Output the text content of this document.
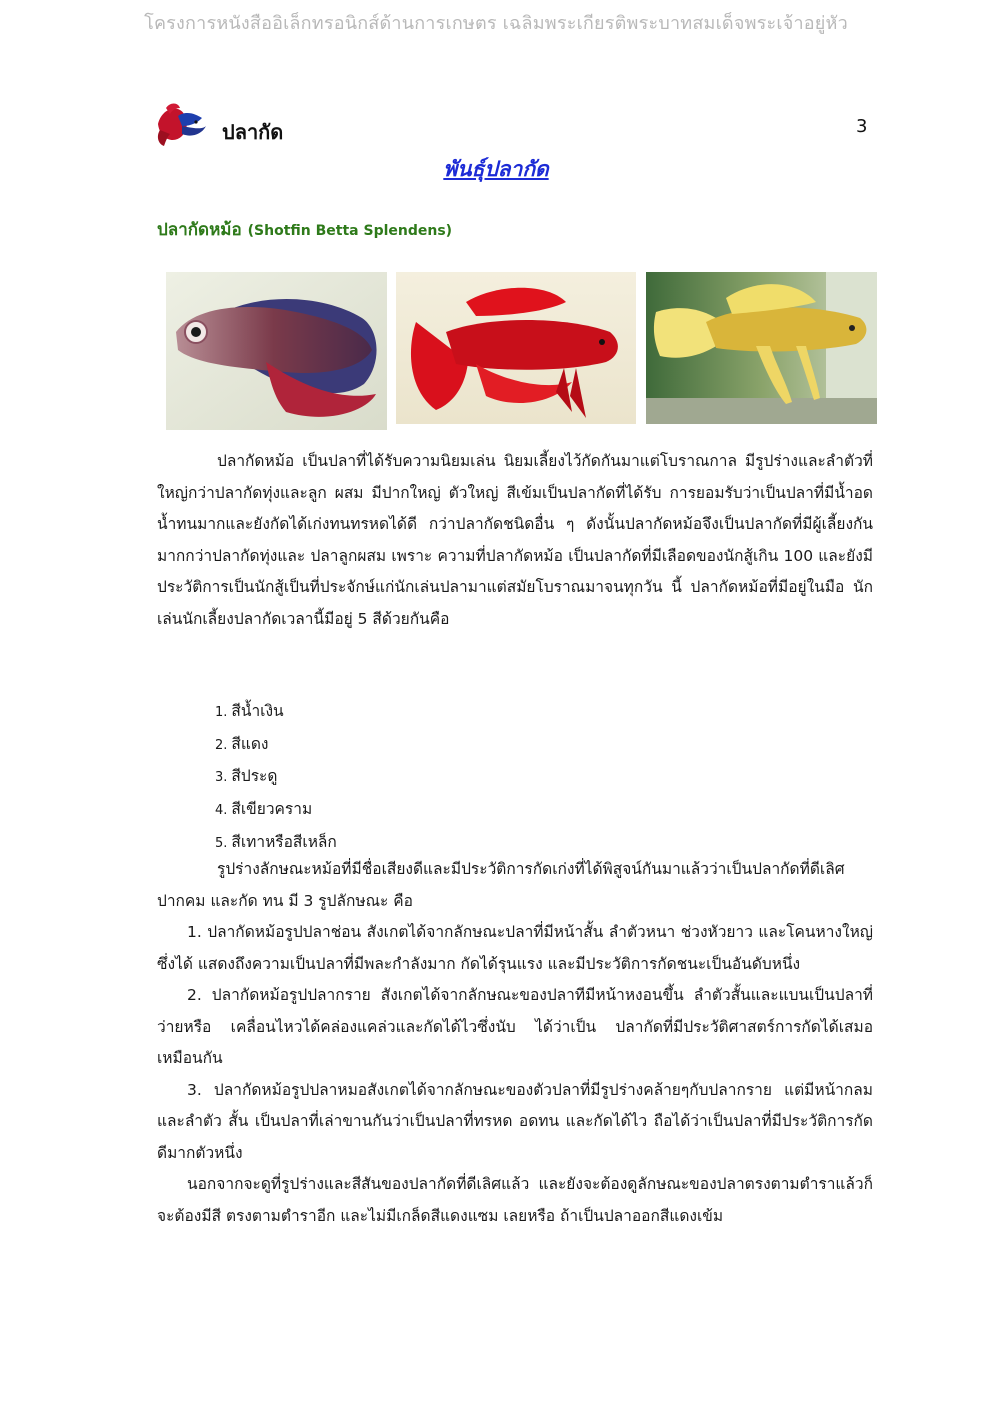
โครงการหนังสืออิเล็กทรอนิกส์ด้านการเกษตร เฉลิมพระเกียรติพระบาทสมเด็จพระเจ้าอยู่หัว
ปลากัด	3
พันธุ์ปลากัด
ปลากัดหม้อ (Shotfin Betta Splendens)

ปลากัดหม้อ เป็นปลาที่ได้รับความนิยมเล่น นิยมเลี้ยงไว้กัดกันมาแต่โบราณกาล มีรูปร่างและลำตัวที่ใหญ่กว่าปลากัดทุ่งและลูก ผสม มีปากใหญ่ ตัวใหญ่ สีเข้มเป็นปลากัดที่ได้รับ การยอมรับว่าเป็นปลาที่มีน้ำอดน้ำทนมากและยังกัดได้เก่งทนทรหดได้ดี กว่าปลากัดชนิดอื่น ๆ ดังนั้นปลากัดหม้อจึงเป็นปลากัดที่มีผู้เลี้ยงกันมากกว่าปลากัดทุ่งและ ปลาลูกผสม เพราะ ความที่ปลากัดหม้อ เป็นปลากัดที่มีเลือดของนักสู้เกิน 100 และยังมีประวัติการเป็นนักสู้เป็นที่ประจักษ์แก่นักเล่นปลามาแต่สมัยโบราณมาจนทุกวัน นี้ ปลากัดหม้อที่มีอยู่ในมือ นักเล่นนักเลี้ยงปลากัดเวลานี้มีอยู่ 5 สีด้วยกันคือ

1. สีน้ำเงิน
2. สีแดง
3. สีประดู
4. สีเขียวคราม
5. สีเทาหรือสีเหล็ก

รูปร่างลักษณะหม้อที่มีชื่อเสียงดีและมีประวัติการกัดเก่งที่ได้พิสูจน์กันมาแล้วว่าเป็นปลากัดที่ดีเลิศ ปากคม และกัด ทน มี 3 รูปลักษณะ คือ

1. ปลากัดหม้อรูปปลาช่อน สังเกตได้จากลักษณะปลาที่มีหน้าสั้น ลำตัวหนา ช่วงหัวยาว และโคนหางใหญ่ ซึ่งได้ แสดงถึงความเป็นปลาที่มีพละกำลังมาก กัดได้รุนแรง และมีประวัติการกัดชนะเป็นอันดับหนึ่ง

2. ปลากัดหม้อรูปปลากราย สังเกตได้จากลักษณะของปลาทีมีหน้าหงอนขึ้น ลำตัวสั้นและแบนเป็นปลาที่ว่ายหรือ เคลื่อนไหวได้คล่องแคล่วและกัดได้ไวซึ่งนับ ได้ว่าเป็น ปลากัดที่มีประวัติศาสตร์การกัดได้เสมอเหมือนกัน

3. ปลากัดหม้อรูปปลาหมอสังเกตได้จากลักษณะของตัวปลาที่มีรูปร่างคล้ายๆกับปลากราย แต่มีหน้ากลมและลำตัว สั้น เป็นปลาที่เล่าขานกันว่าเป็นปลาที่ทรหด อดทน และกัดได้ไว ถือได้ว่าเป็นปลาที่มีประวัติการกัดดีมากตัวหนึ่ง

นอกจากจะดูที่รูปร่างและสีสันของปลากัดที่ดีเลิศแล้ว และยังจะต้องดูลักษณะของปลาตรงตามตำราแล้วก็จะต้องมีสี ตรงตามตำราอีก และไม่มีเกล็ดสีแดงแซม เลยหรือ ถ้าเป็นปลาออกสีแดงเข้ม
